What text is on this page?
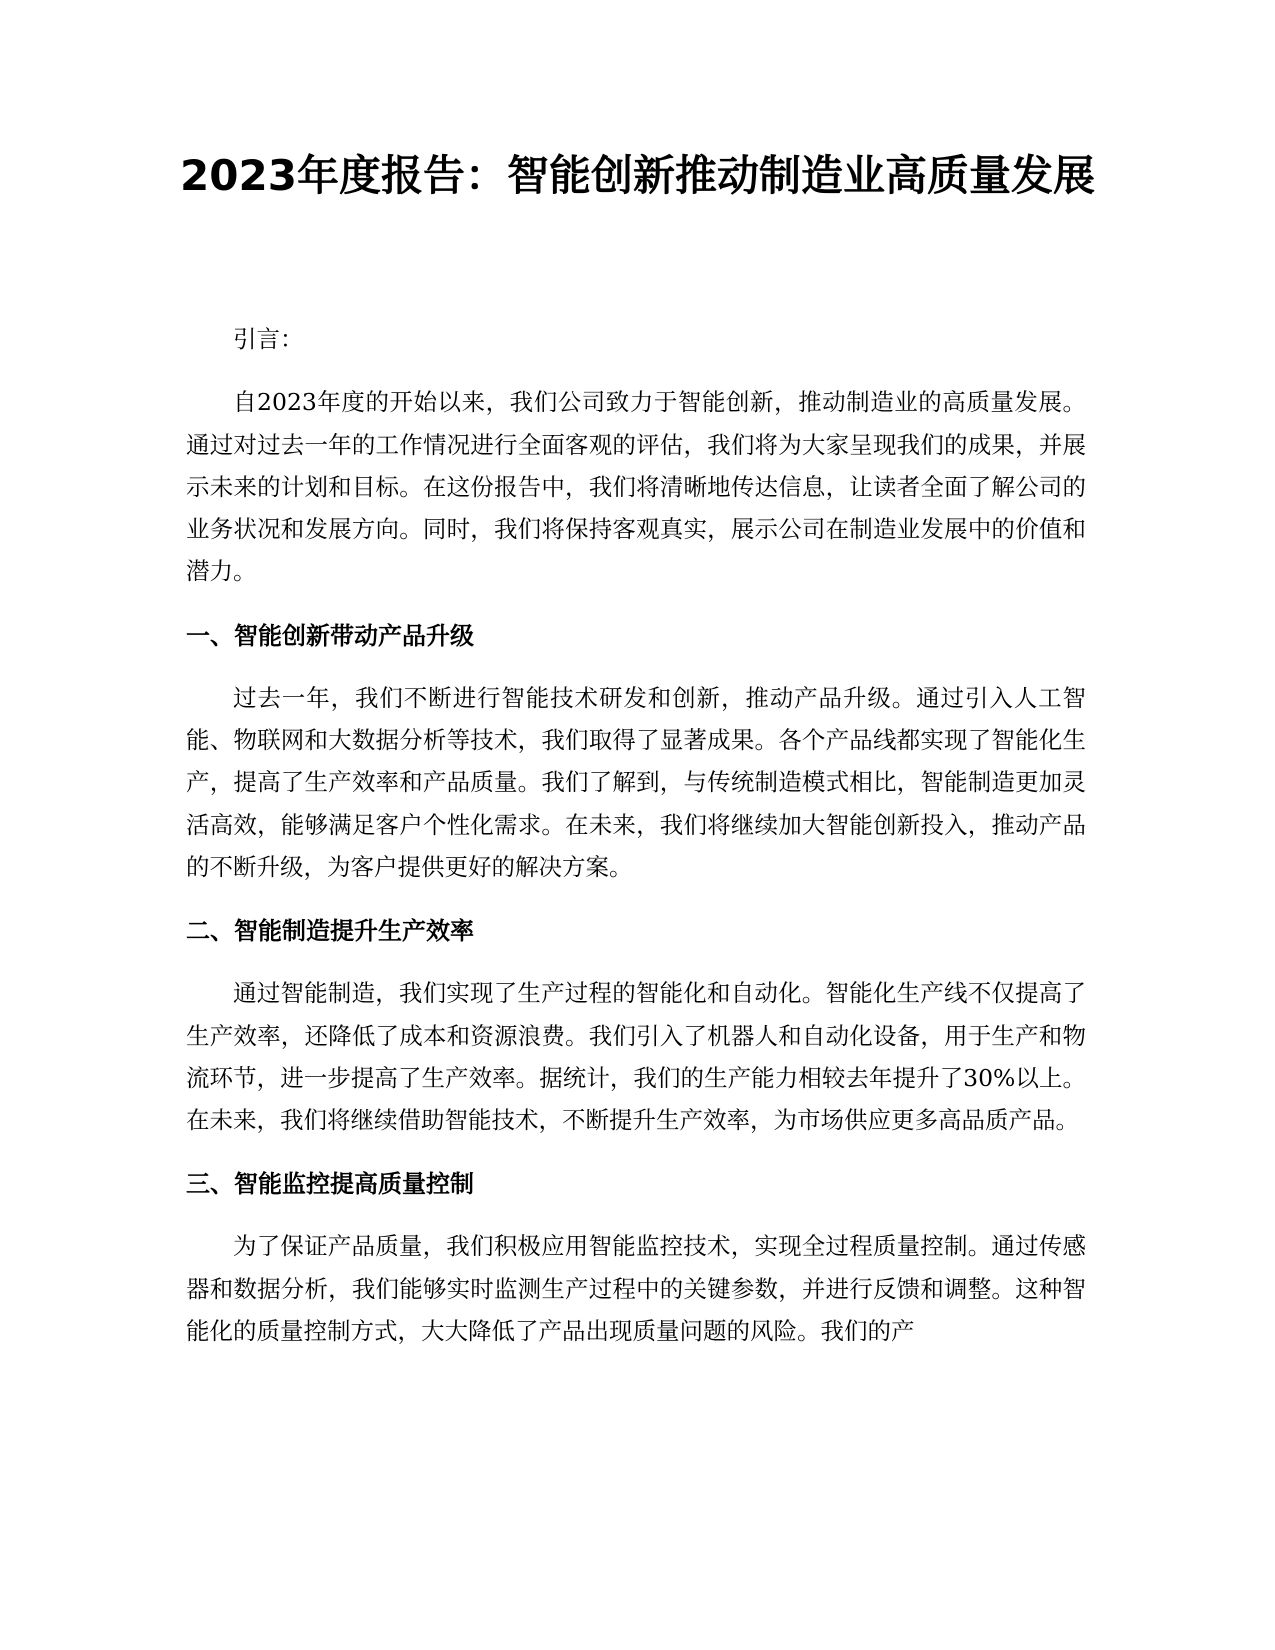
2023年度报告：智能创新推动制造业高质量发展

引言：

自2023年度的开始以来，我们公司致力于智能创新，推动制造业的高质量发展。通过对过去一年的工作情况进行全面客观的评估，我们将为大家呈现我们的成果，并展示未来的计划和目标。在这份报告中，我们将清晰地传达信息，让读者全面了解公司的业务状况和发展方向。同时，我们将保持客观真实，展示公司在制造业发展中的价值和潜力。

一、智能创新带动产品升级

过去一年，我们不断进行智能技术研发和创新，推动产品升级。通过引入人工智能、物联网和大数据分析等技术，我们取得了显著成果。各个产品线都实现了智能化生产，提高了生产效率和产品质量。我们了解到，与传统制造模式相比，智能制造更加灵活高效，能够满足客户个性化需求。在未来，我们将继续加大智能创新投入，推动产品的不断升级，为客户提供更好的解决方案。

二、智能制造提升生产效率

通过智能制造，我们实现了生产过程的智能化和自动化。智能化生产线不仅提高了生产效率，还降低了成本和资源浪费。我们引入了机器人和自动化设备，用于生产和物流环节，进一步提高了生产效率。据统计，我们的生产能力相较去年提升了30%以上。在未来，我们将继续借助智能技术，不断提升生产效率，为市场供应更多高品质产品。

三、智能监控提高质量控制

为了保证产品质量，我们积极应用智能监控技术，实现全过程质量控制。通过传感器和数据分析，我们能够实时监测生产过程中的关键参数，并进行反馈和调整。这种智能化的质量控制方式，大大降低了产品出现质量问题的风险。我们的产
